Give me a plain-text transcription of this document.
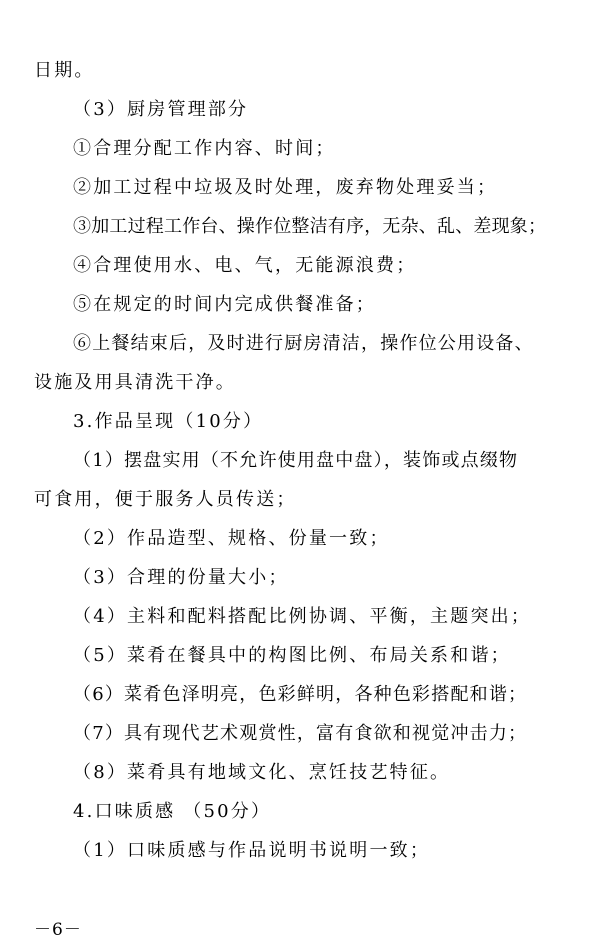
日期。
（3）厨房管理部分
①合理分配工作内容、时间；
②加工过程中垃圾及时处理，废弃物处理妥当；
③加工过程工作台、操作位整洁有序，无杂、乱、差现象；
④合理使用水、电、气，无能源浪费；
⑤在规定的时间内完成供餐准备；
⑥上餐结束后，及时进行厨房清洁，操作位公用设备、
设施及用具清洗干净。
3.作品呈现（10分）
（1）摆盘实用（不允许使用盘中盘），装饰或点缀物
可食用，便于服务人员传送；
（2）作品造型、规格、份量一致；
（3）合理的份量大小；
（4）主料和配料搭配比例协调、平衡，主题突出；
（5）菜肴在餐具中的构图比例、布局关系和谐；
（6）菜肴色泽明亮，色彩鲜明，各种色彩搭配和谐；
（7）具有现代艺术观赏性，富有食欲和视觉冲击力；
（8）菜肴具有地域文化、烹饪技艺特征。
4.口味质感 （50分）
（1）口味质感与作品说明书说明一致；
－6－
